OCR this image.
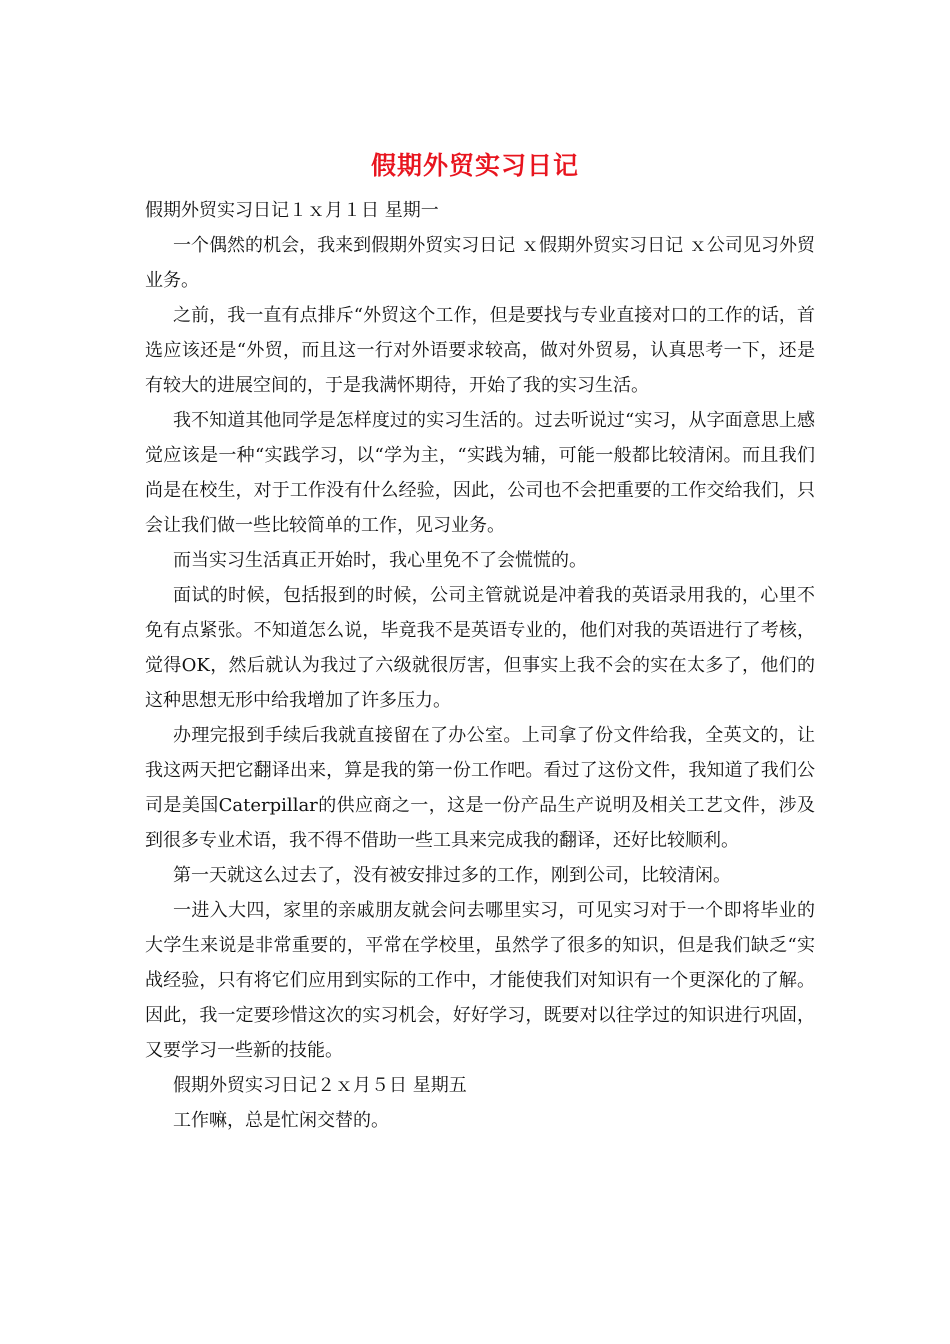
假期外贸实习日记

假期外贸实习日记１ｘ月１日 星期一

一个偶然的机会，我来到假期外贸实习日记 ｘ假期外贸实习日记 ｘ公司见习外贸业务。

之前，我一直有点排斥“外贸这个工作，但是要找与专业直接对口的工作的话，首选应该还是“外贸，而且这一行对外语要求较高，做对外贸易，认真思考一下，还是有较大的进展空间的，于是我满怀期待，开始了我的实习生活。

我不知道其他同学是怎样度过的实习生活的。过去听说过“实习，从字面意思上感觉应该是一种“实践学习，以“学为主，“实践为辅，可能一般都比较清闲。而且我们尚是在校生，对于工作没有什么经验，因此，公司也不会把重要的工作交给我们，只会让我们做一些比较简单的工作，见习业务。

而当实习生活真正开始时，我心里免不了会慌慌的。

面试的时候，包括报到的时候，公司主管就说是冲着我的英语录用我的，心里不免有点紧张。不知道怎么说，毕竟我不是英语专业的，他们对我的英语进行了考核，觉得OK，然后就认为我过了六级就很厉害，但事实上我不会的实在太多了，他们的这种思想无形中给我增加了许多压力。

办理完报到手续后我就直接留在了办公室。上司拿了份文件给我，全英文的，让我这两天把它翻译出来，算是我的第一份工作吧。看过了这份文件，我知道了我们公司是美国Caterpillar的供应商之一，这是一份产品生产说明及相关工艺文件，涉及到很多专业术语，我不得不借助一些工具来完成我的翻译，还好比较顺利。

第一天就这么过去了，没有被安排过多的工作，刚到公司，比较清闲。

一进入大四，家里的亲戚朋友就会问去哪里实习，可见实习对于一个即将毕业的大学生来说是非常重要的，平常在学校里，虽然学了很多的知识，但是我们缺乏“实战经验，只有将它们应用到实际的工作中，才能使我们对知识有一个更深化的了解。因此，我一定要珍惜这次的实习机会，好好学习，既要对以往学过的知识进行巩固，又要学习一些新的技能。

假期外贸实习日记２ｘ月５日 星期五

工作嘛，总是忙闲交替的。
